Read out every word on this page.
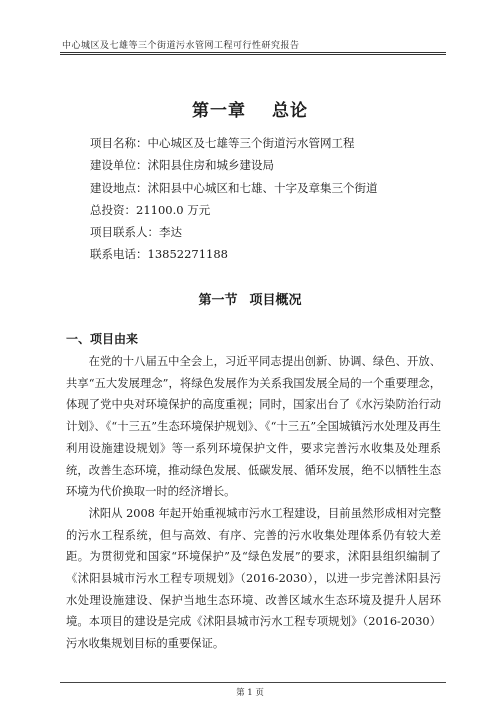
中心城区及七雄等三个街道污水管网工程可行性研究报告
第一章 总论
项目名称：中心城区及七雄等三个街道污水管网工程
建设单位：沭阳县住房和城乡建设局
建设地点：沭阳县中心城区和七雄、十字及章集三个街道
总投资：21100.0 万元
项目联系人：李达
联系电话：13852271188
第一节 项目概况
一、项目由来

在党的十八届五中全会上，习近平同志提出创新、协调、绿色、开放、共享“五大发展理念”，将绿色发展作为关系我国发展全局的一个重要理念，体现了党中央对环境保护的高度重视；同时，国家出台了《水污染防治行动计划》、《“十三五”生态环境保护规划》、《“十三五”全国城镇污水处理及再生利用设施建设规划》等一系列环境保护文件，要求完善污水收集及处理系统，改善生态环境，推动绿色发展、低碳发展、循环发展，绝不以牺牲生态环境为代价换取一时的经济增长。

沭阳从 2008 年起开始重视城市污水工程建设，目前虽然形成相对完整的污水工程系统，但与高效、有序、完善的污水收集处理体系仍有较大差距。为贯彻党和国家“环境保护”及“绿色发展”的要求，沭阳县组织编制了《沭阳县城市污水工程专项规划》（2016-2030），以进一步完善沭阳县污水处理设施建设、保护当地生态环境、改善区域水生态环境及提升人居环境。本项目的建设是完成《沭阳县城市污水工程专项规划》（2016-2030）污水收集规划目标的重要保证。

第 1 页
